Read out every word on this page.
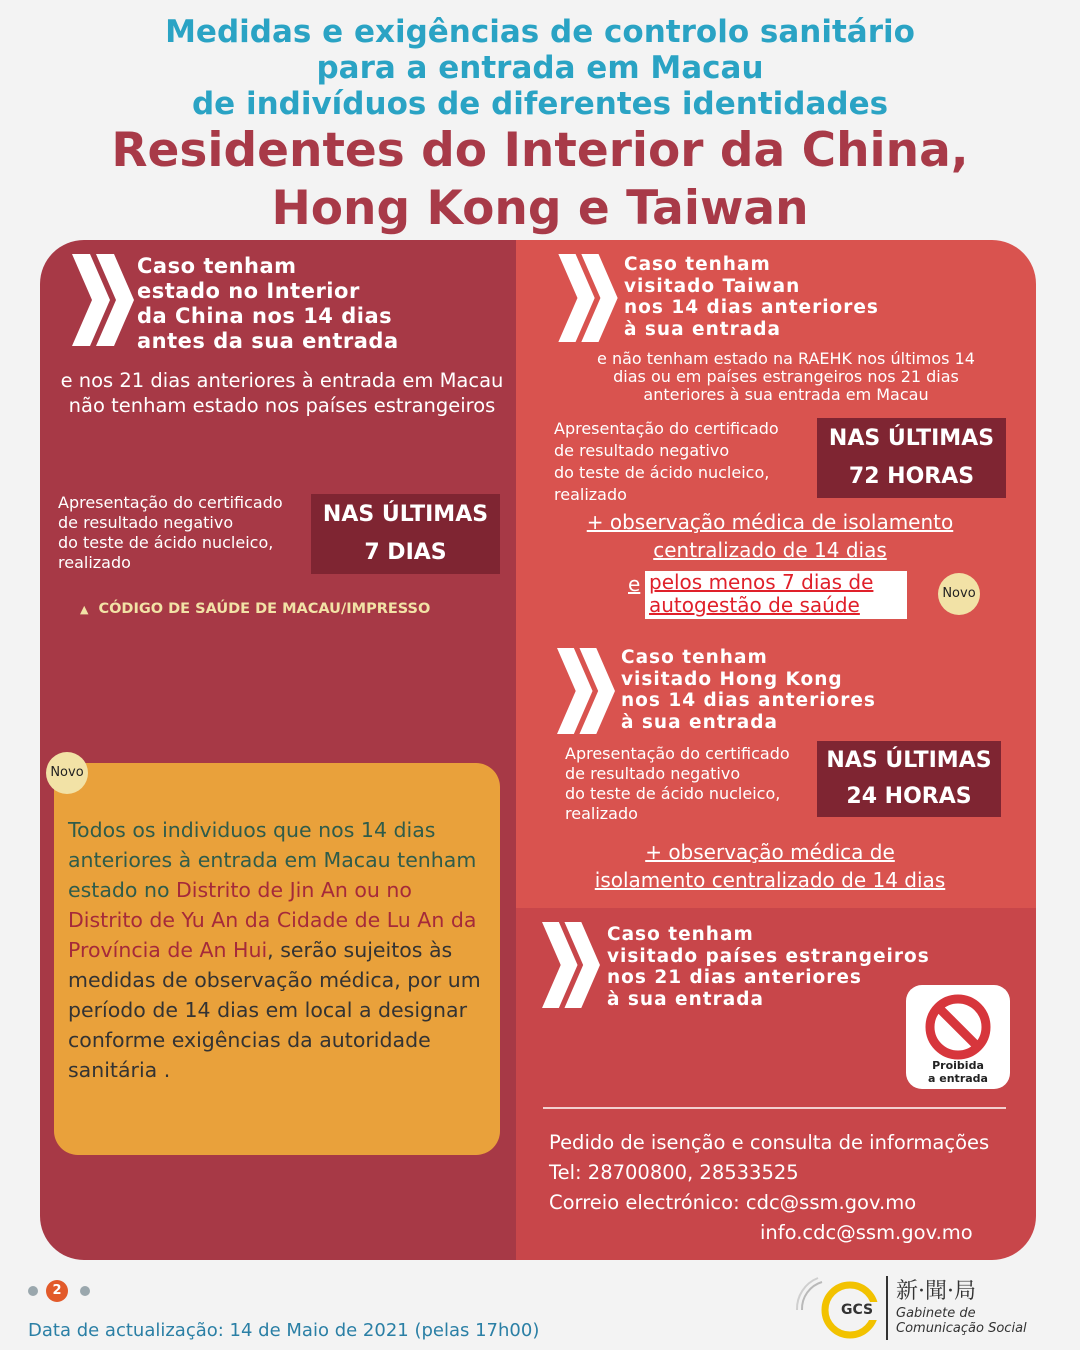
Medidas e exigências de controlo sanitário
para a entrada em Macau
de indivíduos de diferentes identidades
Residentes do Interior da China,
Hong Kong e Taiwan
Caso tenham
estado no Interior
da China nos 14 dias
antes da sua entrada
e nos 21 dias anteriores à entrada em Macau não tenham estado nos países estrangeiros
Apresentação do certificado
de resultado negativo
do teste de ácido nucleico,
realizado
NAS ÚLTIMAS
7 DIAS
▲ CÓDIGO DE SAÚDE DE MACAU/IMPRESSO
Todos os individuos que nos 14 dias anteriores à entrada em Macau tenham estado no Distrito de Jin An ou no Distrito de Yu An da Cidade de Lu An da Província de An Hui, serão sujeitos às medidas de observação médica, por um período de 14 dias em local a designar conforme exigências da autoridade sanitária .
Novo
Caso tenham
visitado Taiwan
nos 14 dias anteriores
à sua entrada
e não tenham estado na RAEHK nos últimos 14
dias ou em países estrangeiros nos 21 dias
anteriores à sua entrada em Macau
Apresentação do certificado
de resultado negativo
do teste de ácido nucleico,
realizado
NAS ÚLTIMAS
72 HORAS
+ observação médica de isolamento
centralizado de 14 dias
e pelos menos 7 dias de
autogestão de saúde	Novo
Caso tenham
visitado Hong Kong
nos 14 dias anteriores
à sua entrada
Apresentação do certificado
de resultado negativo
do teste de ácido nucleico,
realizado
NAS ÚLTIMAS
24 HORAS
+ observação médica de
isolamento centralizado de 14 dias
Caso tenham
visitado países estrangeiros
nos 21 dias anteriores
à sua entrada
Proibida
a entrada
Pedido de isenção e consulta de informações
Tel: 28700800, 28533525
Correio electrónico: cdc@ssm.gov.mo
info.cdc@ssm.gov.mo
2
Data de actualização: 14 de Maio de 2021 (pelas 17h00)
GCS
新·聞·局
Gabinete de
Comunicação Social
